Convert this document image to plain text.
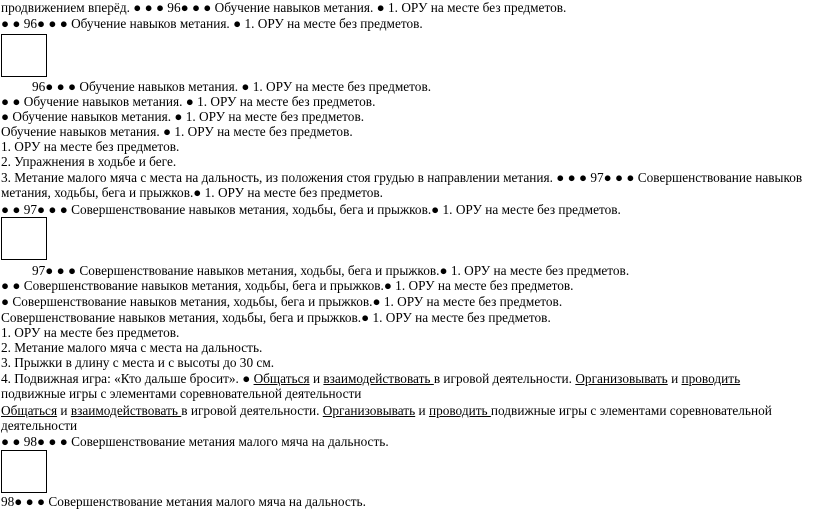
продвижением вперёд. ● ● ● 96● ● ● Обучение навыков метания. ● 1. ОРУ на месте без предметов.
● ● 96● ● ● Обучение навыков метания. ● 1. ОРУ на месте без предметов.
96● ● ● Обучение навыков метания. ● 1. ОРУ на месте без предметов.
● ● Обучение навыков метания. ● 1. ОРУ на месте без предметов.
● Обучение навыков метания. ● 1. ОРУ на месте без предметов.
Обучение навыков метания. ● 1. ОРУ на месте без предметов.
1. ОРУ на месте без предметов.
2. Упражнения в ходьбе и беге.
3. Метание малого мяча с места на дальность, из положения стоя грудью в направлении метания. ● ● ● 97● ● ● Совершенствование навыков
метания, ходьбы, бега и прыжков.● 1. ОРУ на месте без предметов.
● ● 97● ● ● Совершенствование навыков метания, ходьбы, бега и прыжков.● 1. ОРУ на месте без предметов.
97● ● ● Совершенствование навыков метания, ходьбы, бега и прыжков.● 1. ОРУ на месте без предметов.
● ● Совершенствование навыков метания, ходьбы, бега и прыжков.● 1. ОРУ на месте без предметов.
● Совершенствование навыков метания, ходьбы, бега и прыжков.● 1. ОРУ на месте без предметов.
Совершенствование навыков метания, ходьбы, бега и прыжков.● 1. ОРУ на месте без предметов.
1. ОРУ на месте без предметов.
2. Метание малого мяча с места на дальность.
3. Прыжки в длину с места и с высоты до 30 см.
4. Подвижная игра: «Кто дальше бросит». ● Общаться и взаимодействовать в игровой деятельности. Организовывать и проводить
подвижные игры с элементами соревновательной деятельности
Общаться и взаимодействовать в игровой деятельности. Организовывать и проводить подвижные игры с элементами соревновательной
деятельности
● ● 98● ● ● Совершенствование метания малого мяча на дальность.
98● ● ● Совершенствование метания малого мяча на дальность.
